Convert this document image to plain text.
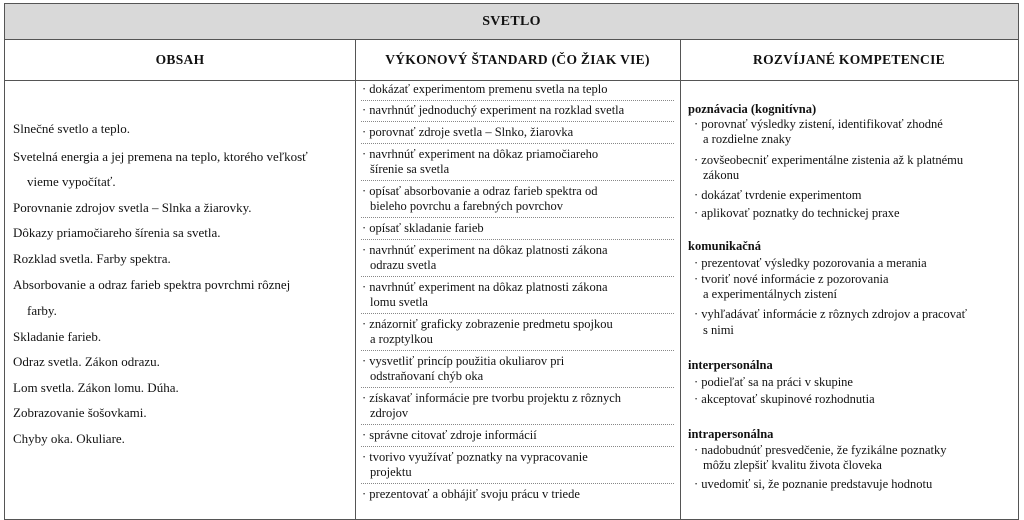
SVETLO
OBSAH	VÝKONOVÝ ŠTANDARD (ČO ŽIAK VIE)	ROZVÍJANÉ KOMPETENCIE
Slnečné svetlo a teplo.
Svetelná energia a jej premena na teplo, ktorého veľkosť
vieme vypočítať.
Porovnanie zdrojov svetla – Slnka a žiarovky.
Dôkazy priamočiareho šírenia sa svetla.
Rozklad svetla. Farby spektra.
Absorbovanie a odraz farieb spektra povrchmi rôznej
farby.
Skladanie farieb.
Odraz svetla. Zákon odrazu.
Lom svetla. Zákon lomu. Dúha.
Zobrazovanie šošovkami.
Chyby oka. Okuliare.
· dokázať experimentom premenu svetla na teplo
· navrhnúť jednoduchý experiment na rozklad svetla
· porovnať zdroje svetla – Slnko, žiarovka
· navrhnúť experiment na dôkaz priamočiareho
šírenie sa svetla
· opísať absorbovanie a odraz farieb spektra od
bieleho povrchu a farebných povrchov
· opísať skladanie farieb
· navrhnúť experiment na dôkaz platnosti zákona
odrazu svetla
· navrhnúť experiment na dôkaz platnosti zákona
lomu svetla
· znázorniť graficky zobrazenie predmetu spojkou
a rozptylkou
· vysvetliť princíp použitia okuliarov pri
odstraňovaní chýb oka
· získavať informácie pre tvorbu projektu z rôznych
zdrojov
· správne citovať zdroje informácií
· tvorivo využívať poznatky na vypracovanie
projektu
· prezentovať a obhájiť svoju prácu v triede
poznávacia (kognitívna)
· porovnať výsledky zistení, identifikovať zhodné
a rozdielne znaky
· zovšeobecniť experimentálne zistenia až k platnému
zákonu
· dokázať tvrdenie experimentom
· aplikovať poznatky do technickej praxe
komunikačná
· prezentovať výsledky pozorovania a merania
· tvoriť nové informácie z pozorovania
a experimentálnych zistení
· vyhľadávať informácie z rôznych zdrojov a pracovať
s nimi
interpersonálna
· podieľať sa na práci v skupine
· akceptovať skupinové rozhodnutia
intrapersonálna
· nadobudnúť presvedčenie, že fyzikálne poznatky
môžu zlepšiť kvalitu života človeka
· uvedomiť si, že poznanie predstavuje hodnotu
